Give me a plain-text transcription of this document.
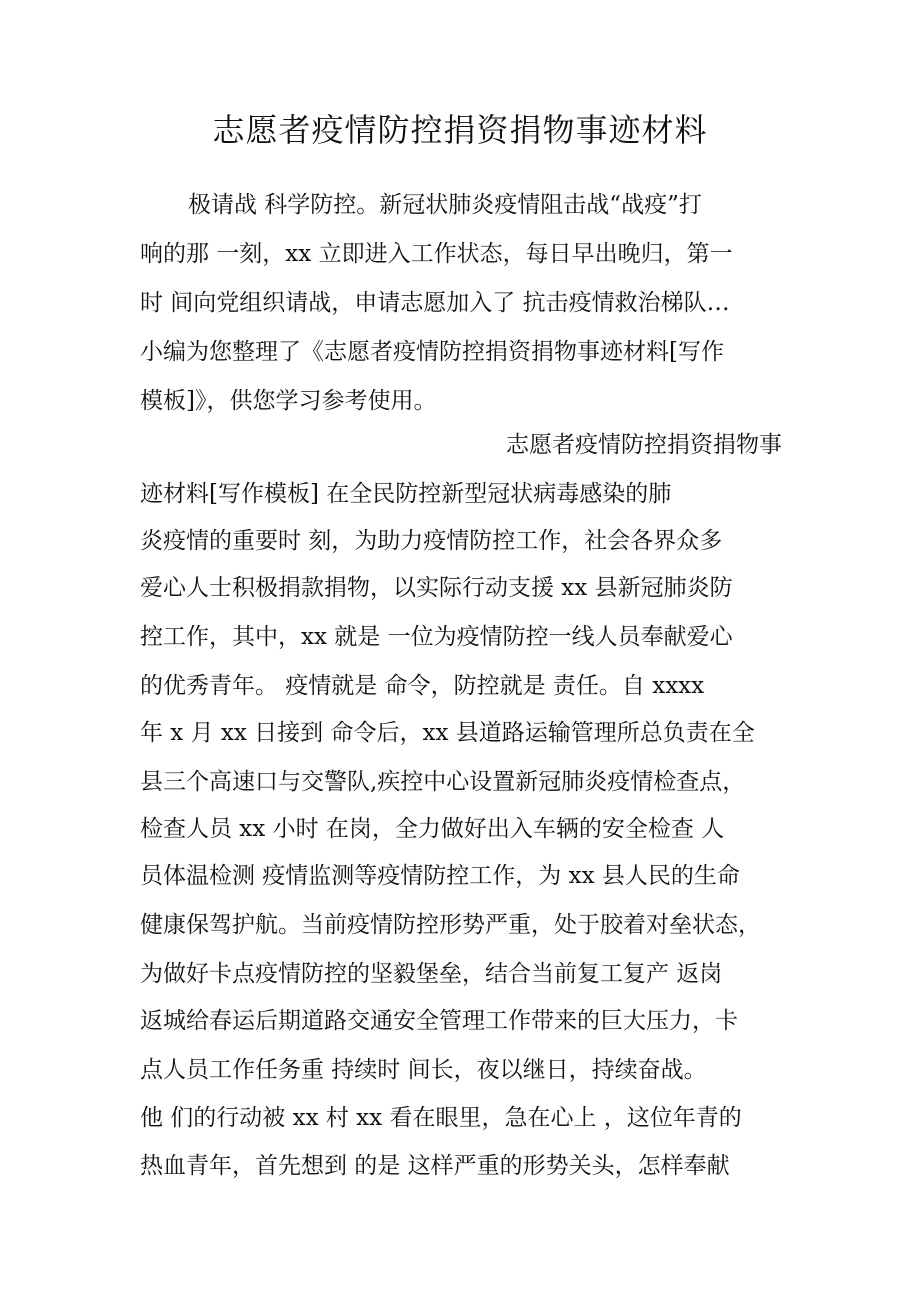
志愿者疫情防控捐资捐物事迹材料
极请战 科学防控。新冠状肺炎疫情阻击战“战疫”打
响的那 一刻，xx 立即进入工作状态，每日早出晚归，第一
时 间向党组织请战，申请志愿加入了 抗击疫情救治梯队…
小编为您整理了《志愿者疫情防控捐资捐物事迹材料[写作
模板]》，供您学习参考使用。
志愿者疫情防控捐资捐物事
迹材料[写作模板] 在全民防控新型冠状病毒感染的肺
炎疫情的重要时 刻，为助力疫情防控工作，社会各界众多
爱心人士积极捐款捐物，以实际行动支援 xx 县新冠肺炎防
控工作，其中，xx 就是 一位为疫情防控一线人员奉献爱心
的优秀青年。 疫情就是 命令，防控就是 责任。自 xxxx
年 x 月 xx 日接到 命令后，xx 县道路运输管理所总负责在全
县三个高速口与交警队,疾控中心设置新冠肺炎疫情检查点，
检查人员 xx 小时 在岗，全力做好出入车辆的安全检查 人
员体温检测 疫情监测等疫情防控工作，为 xx 县人民的生命
健康保驾护航。当前疫情防控形势严重，处于胶着对垒状态，
为做好卡点疫情防控的坚毅堡垒，结合当前复工复产 返岗
返城给春运后期道路交通安全管理工作带来的巨大压力，卡
点人员工作任务重 持续时 间长，夜以继日，持续奋战。
他 们的行动被 xx 村 xx 看在眼里，急在心上 ，这位年青的
热血青年，首先想到 的是 这样严重的形势关头，怎样奉献
